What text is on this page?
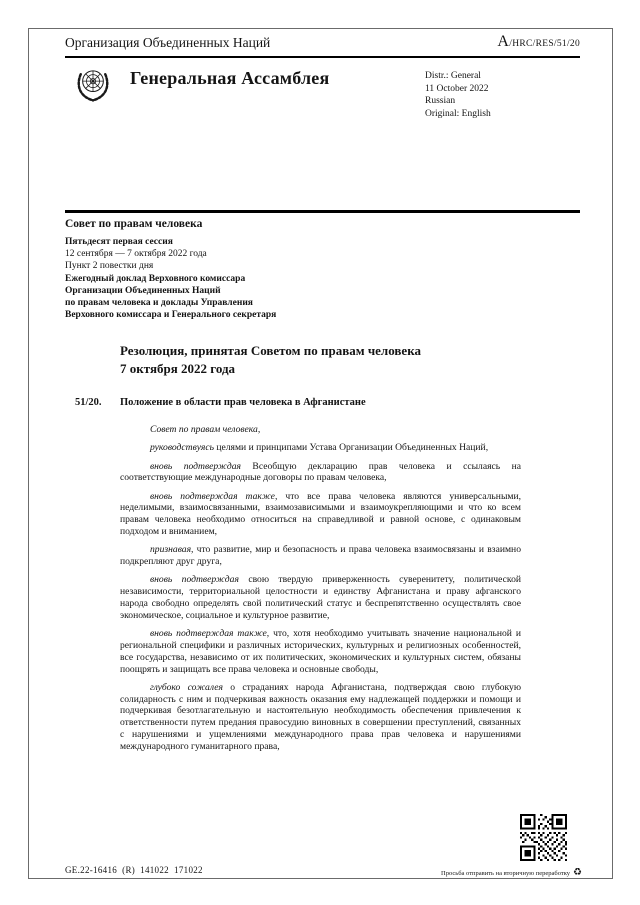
Организация Объединенных Наций	A/HRC/RES/51/20
Генеральная Ассамблея	Distr.: General
11 October 2022
Russian
Original: English
Совет по правам человека
Пятьдесят первая сессия
12 сентября — 7 октября 2022 года
Пункт 2 повестки дня
Ежегодный доклад Верховного комиссара
Организации Объединенных Наций
по правам человека и доклады Управления
Верховного комиссара и Генерального секретаря
Резолюция, принятая Советом по правам человека
7 октября 2022 года
51/20.	Положение в области прав человека в Афганистане

Совет по правам человека,

руководствуясь целями и принципами Устава Организации Объединенных Наций,

вновь подтверждая Всеобщую декларацию прав человека и ссылаясь на соответствующие международные договоры по правам человека,

вновь подтверждая также, что все права человека являются универсальными, неделимыми, взаимосвязанными, взаимозависимыми и взаимоукрепляющими и что ко всем правам человека необходимо относиться на справедливой и равной основе, с одинаковым подходом и вниманием,

признавая, что развитие, мир и безопасность и права человека взаимосвязаны и взаимно подкрепляют друг друга,

вновь подтверждая свою твердую приверженность суверенитету, политической независимости, территориальной целостности и единству Афганистана и праву афганского народа свободно определять свой политический статус и беспрепятственно осуществлять свое экономическое, социальное и культурное развитие,

вновь подтверждая также, что, хотя необходимо учитывать значение национальной и региональной специфики и различных исторических, культурных и религиозных особенностей, все государства, независимо от их политических, экономических и культурных систем, обязаны поощрять и защищать все права человека и основные свободы,

глубоко сожалея о страданиях народа Афганистана, подтверждая свою глубокую солидарность с ним и подчеркивая важность оказания ему надлежащей поддержки и помощи и подчеркивая безотлагательную и настоятельную необходимость обеспечения привлечения к ответственности путем предания правосудию виновных в совершении преступлений, связанных с нарушениями и ущемлениями международного права прав человека и нарушениями международного гуманитарного права,

GE.22-16416  (R)  141022  171022	Просьба отправить на вторичную переработку ♻
